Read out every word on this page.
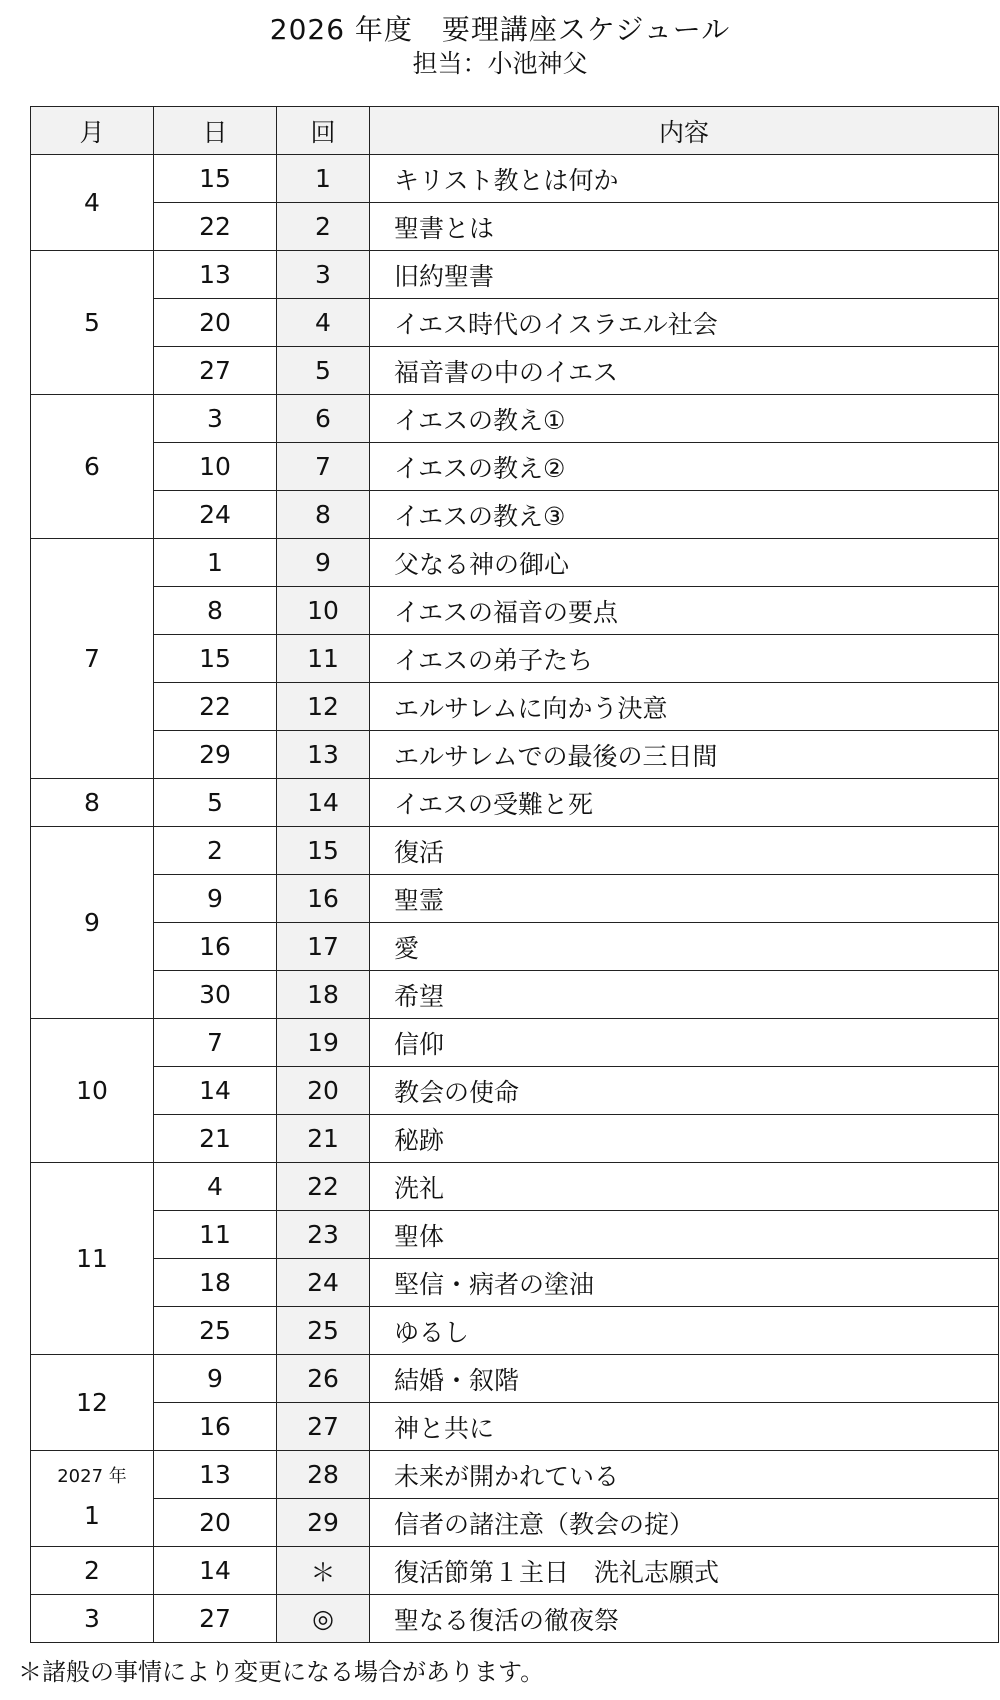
2026 年度　要理講座スケジュール
担当：小池神父
月	日	回	内容
4	15	1	キリスト教とは何か
	22	2	聖書とは
5	13	3	旧約聖書
	20	4	イエス時代のイスラエル社会
	27	5	福音書の中のイエス
6	3	6	イエスの教え①
	10	7	イエスの教え②
	24	8	イエスの教え③
7	1	9	父なる神の御心
	8	10	イエスの福音の要点
	15	11	イエスの弟子たち
	22	12	エルサレムに向かう決意
	29	13	エルサレムでの最後の三日間
8	5	14	イエスの受難と死
9	2	15	復活
	9	16	聖霊
	16	17	愛
	30	18	希望
10	7	19	信仰
	14	20	教会の使命
	21	21	秘跡
11	4	22	洗礼
	11	23	聖体
	18	24	堅信・病者の塗油
	25	25	ゆるし
12	9	26	結婚・叙階
	16	27	神と共に

2027 年
1	13	28	未来が開かれている
	20	29	信者の諸注意（教会の掟）
2	14	＊	復活節第１主日　洗礼志願式
3	27	◎	聖なる復活の徹夜祭
＊諸般の事情により変更になる場合があります。
